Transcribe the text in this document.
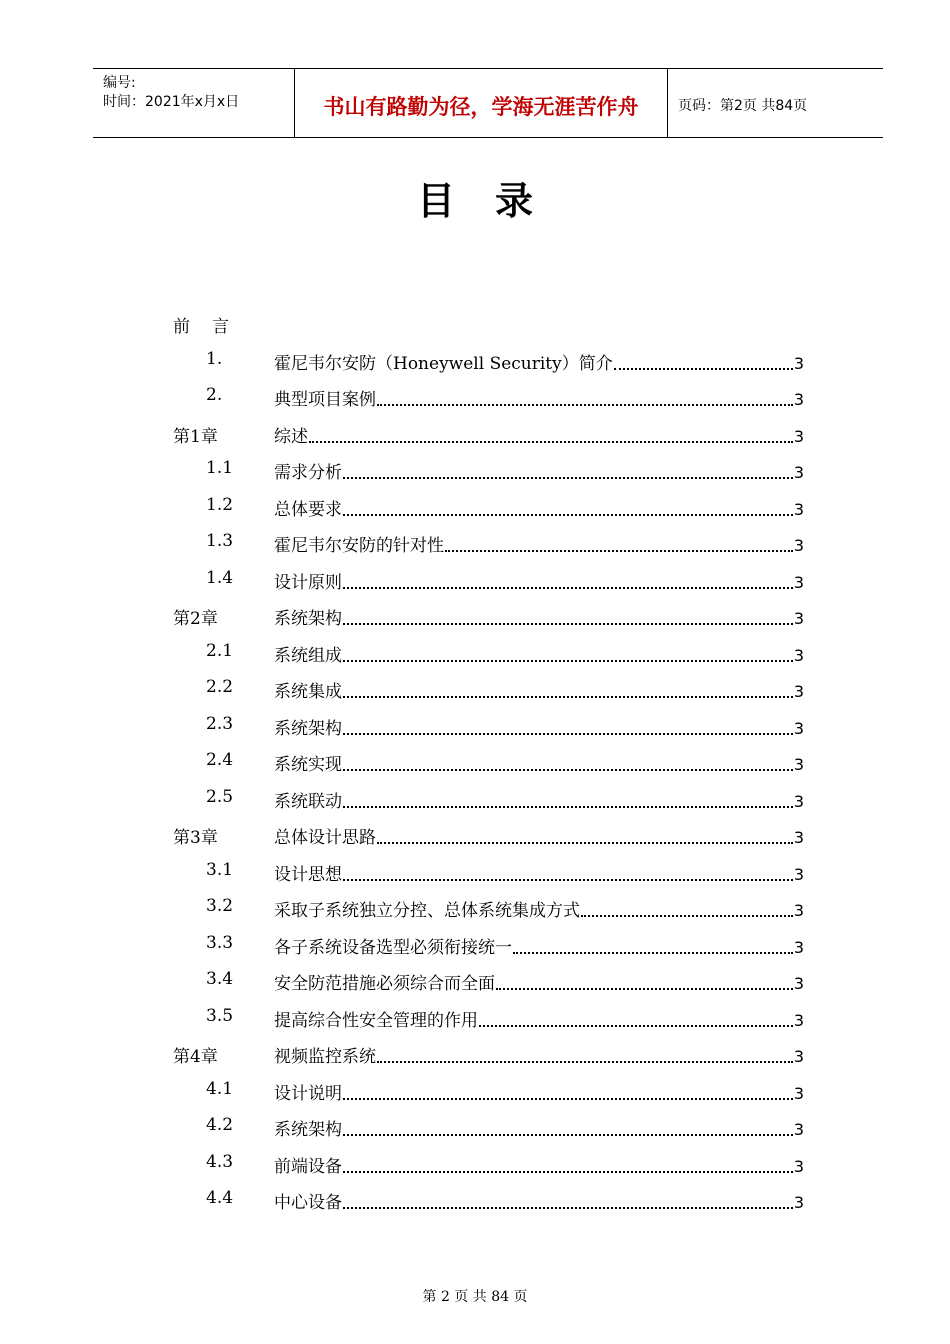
编号:
时间：2021年x月x日	书山有路勤为径，学海无涯苦作舟	页码：第2页 共84页
目录
前言
1.	霍尼韦尔安防（Honeywell Security）简介	3
2.	典型项目案例	3
第1章	综述	3
1.1 需求分析	3
1.2 总体要求	3
1.3 霍尼韦尔安防的针对性	3
1.4 设计原则	3
第2章	系统架构	3
2.1 系统组成	3
2.2 系统集成	3
2.3 系统架构	3
2.4 系统实现	3
2.5 系统联动	3
第3章	总体设计思路	3
3.1 设计思想	3
3.2 采取子系统独立分控、总体系统集成方式	3
3.3 各子系统设备选型必须衔接统一	3
3.4 安全防范措施必须综合而全面	3
3.5 提高综合性安全管理的作用	3
第4章	视频监控系统	3
4.1 设计说明	3
4.2 系统架构	3
4.3 前端设备	3
4.4 中心设备	3
第 2 页 共 84 页
